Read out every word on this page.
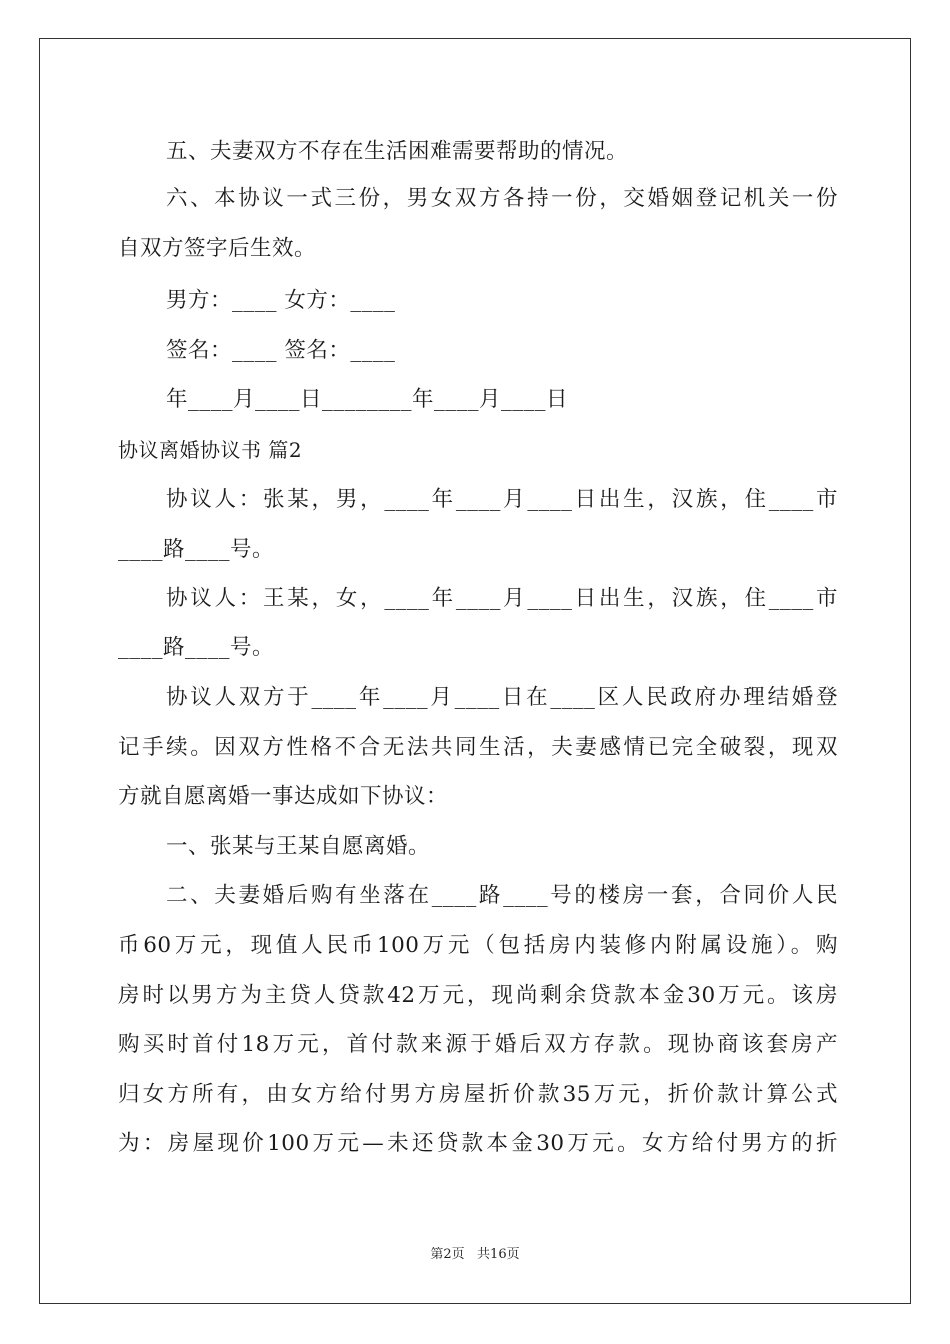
五、夫妻双方不存在生活困难需要帮助的情况。
六、本协议一式三份，男女双方各持一份，交婚姻登记机关一份
自双方签字后生效。
男方：____ 女方：____
签名：____ 签名：____
年____月____日________年____月____日
协议离婚协议书 篇2
协议人：张某，男，____年____月____日出生，汉族，住____市
____路____号。
协议人：王某，女，____年____月____日出生，汉族，住____市
____路____号。
协议人双方于____年____月____日在____区人民政府办理结婚登
记手续。因双方性格不合无法共同生活，夫妻感情已完全破裂，现双
方就自愿离婚一事达成如下协议：
一、张某与王某自愿离婚。
二、夫妻婚后购有坐落在____路____号的楼房一套，合同价人民
币60万元，现值人民币100万元（包括房内装修内附属设施）。购
房时以男方为主贷人贷款42万元，现尚剩余贷款本金30万元。该房
购买时首付18万元，首付款来源于婚后双方存款。现协商该套房产
归女方所有，由女方给付男方房屋折价款35万元，折价款计算公式
为：房屋现价100万元—未还贷款本金30万元。女方给付男方的折
第2页   共16页
